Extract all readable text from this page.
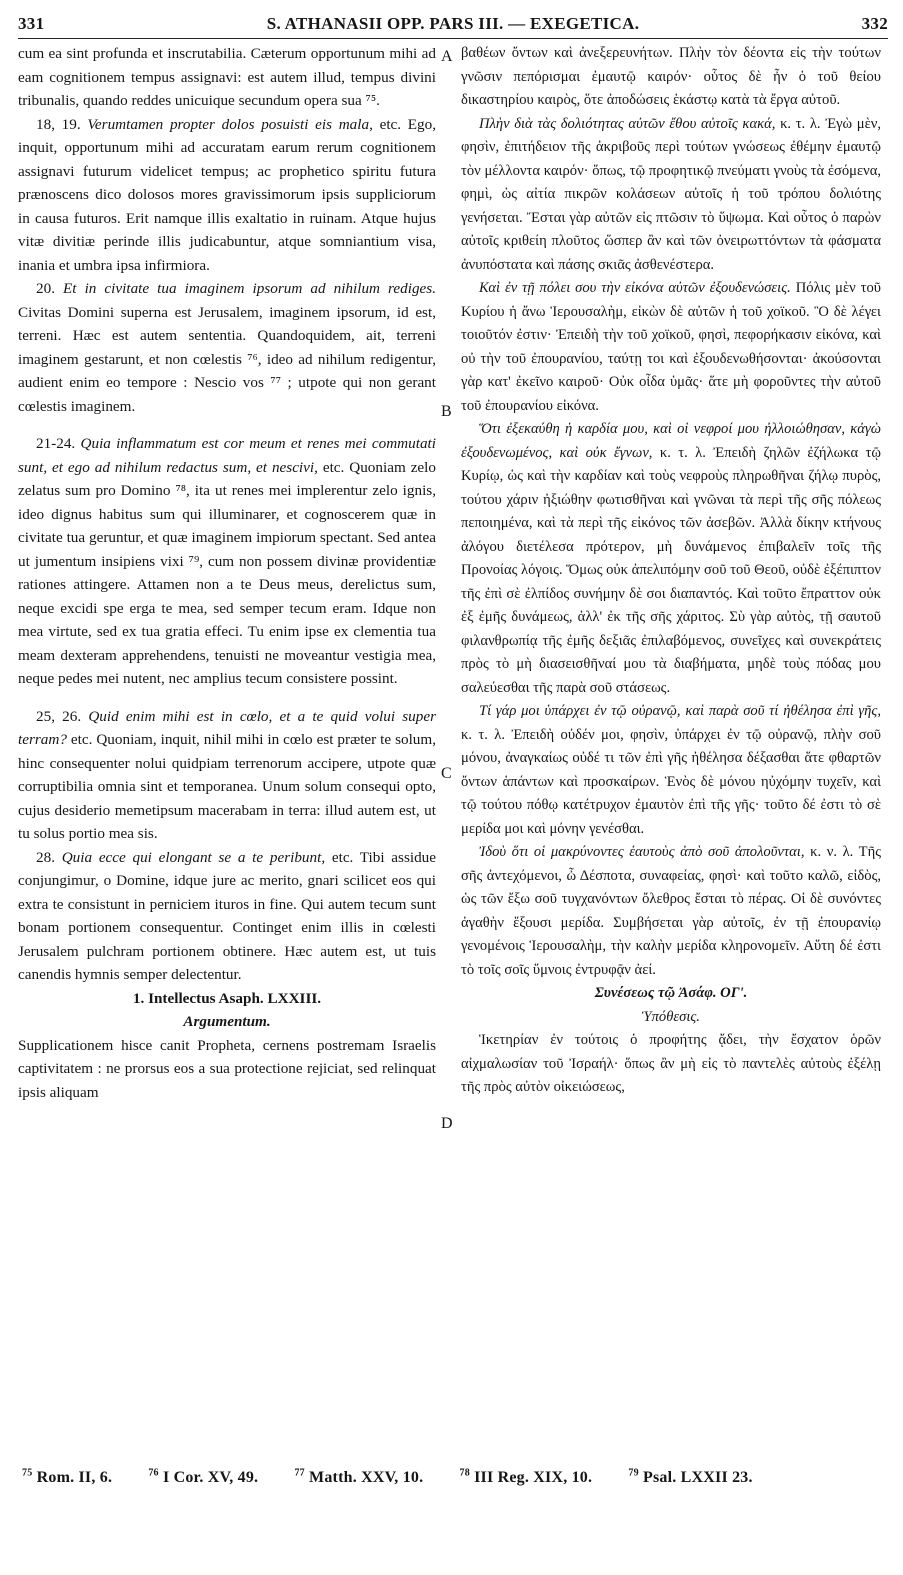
331	S. ATHANASII OPP. PARS III. — EXEGETICA.	332

cum ea sint profunda et inscrutabilia. Cæterum opportunum mihi ad eam cognitionem tempus assignavi: est autem illud, tempus divini tribunalis, quando reddes unicuique secundum opera sua ⁷⁵.

18, 19. Verumtamen propter dolos posuisti eis mala, etc. Ego, inquit, opportunum mihi ad accuratam earum rerum cognitionem assignavi futurum videlicet tempus; ac prophetico spiritu futura prænoscens dico dolosos mores gravissimorum ipsis suppliciorum in causa futuros. Erit namque illis exaltatio in ruinam. Atque hujus vitæ divitiæ perinde illis judicabuntur, atque somniantium visa, inania et umbra ipsa infirmiora.

20. Et in civitate tua imaginem ipsorum ad nihilum rediges. Civitas Domini superna est Jerusalem, imaginem ipsorum, id est, terreni. Hæc est autem sententia. Quandoquidem, ait, terreni imaginem gestarunt, et non cœlestis ⁷⁶, ideo ad nihilum redigentur, audient enim eo tempore : Nescio vos ⁷⁷ ; utpote qui non gerant cœlestis imaginem.

21-24. Quia inflammatum est cor meum et renes mei commutati sunt, et ego ad nihilum redactus sum, et nescivi, etc. Quoniam zelo zelatus sum pro Domino ⁷⁸, ita ut renes mei implerentur zelo ignis, ideo dignus habitus sum qui illuminarer, et cognoscerem quæ in civitate tua geruntur, et quæ imaginem impiorum spectant. Sed antea ut jumentum insipiens vixi ⁷⁹, cum non possem divinæ providentiæ rationes attingere. Attamen non a te Deus meus, derelictus sum, neque excidi spe erga te mea, sed semper tecum eram. Idque non mea virtute, sed ex tua gratia effeci. Tu enim ipse ex clementia tua meam dexteram apprehendens, tenuisti ne moveantur vestigia mea, neque pedes mei nutent, nec amplius tecum consistere possint.

25, 26. Quid enim mihi est in cœlo, et a te quid volui super terram? etc. Quoniam, inquit, nihil mihi in cœlo est præter te solum, hinc consequenter nolui quidpiam terrenorum accipere, utpote quæ corruptibilia omnia sint et temporanea. Unum solum consequi opto, cujus desiderio memetipsum macerabam in terra: illud autem est, ut tu solus portio mea sis.

28. Quia ecce qui elongant se a te peribunt, etc. Tibi assidue conjungimur, o Domine, idque jure ac merito, gnari scilicet eos qui extra te consistunt in perniciem ituros in fine. Qui autem tecum sunt bonam portionem consequentur. Continget enim illis in cœlesti Jerusalem pulchram portionem obtinere. Hæc autem est, ut tuis canendis hymnis semper delectentur.

1. Intellectus Asaph. LXXIII.

Argumentum.

Supplicationem hisce canit Propheta, cernens postremam Israelis captivitatem : ne prorsus eos a sua protectione rejiciat, sed relinquat ipsis aliquam

A
B
C
D

βαθέων ὄντων καὶ ἀνεξερευνήτων. Πλὴν τὸν δέοντα εἰς τὴν τούτων γνῶσιν πεπόρισμαι ἐμαυτῷ καιρόν· οὗτος δὲ ἦν ὁ τοῦ θείου δικαστηρίου καιρὸς, ὅτε ἀποδώσεις ἑκάστῳ κατὰ τὰ ἔργα αὐτοῦ.

Πλὴν διὰ τὰς δολιότητας αὐτῶν ἔθου αὐτοῖς κακά, κ. τ. λ. Ἐγὼ μὲν, φησὶν, ἐπιτήδειον τῆς ἀκριβοῦς περὶ τούτων γνώσεως ἐθέμην ἐμαυτῷ τὸν μέλλοντα καιρόν· ὅπως, τῷ προφητικῷ πνεύματι γνοὺς τὰ ἐσόμενα, φημὶ, ὡς αἰτία πικρῶν κολάσεων αὐτοῖς ἡ τοῦ τρόπου δολιότης γενήσεται. Ἔσται γὰρ αὐτῶν εἰς πτῶσιν τὸ ὕψωμα. Καὶ οὗτος ὁ παρὼν αὐτοῖς κριθείη πλοῦτος ὥσπερ ἂν καὶ τῶν ὀνειρωττόντων τὰ φάσματα ἀνυπόστατα καὶ πάσης σκιᾶς ἀσθενέστερα.

Καὶ ἐν τῇ πόλει σου τὴν εἰκόνα αὐτῶν ἐξουδενώσεις. Πόλις μὲν τοῦ Κυρίου ἡ ἄνω Ἱερουσαλὴμ, εἰκὼν δὲ αὐτῶν ἡ τοῦ χοϊκοῦ. Ὃ δὲ λέγει τοιοῦτόν ἐστιν· Ἐπειδὴ τὴν τοῦ χοϊκοῦ, φησὶ, πεφορήκασιν εἰκόνα, καὶ οὐ τὴν τοῦ ἐπουρανίου, ταύτῃ τοι καὶ ἐξουδενωθήσονται· ἀκούσονται γὰρ κατ' ἐκεῖνο καιροῦ· Οὐκ οἶδα ὑμᾶς· ἅτε μὴ φοροῦντες τὴν αὐτοῦ τοῦ ἐπουρανίου εἰκόνα.

Ὅτι ἐξεκαύθη ἡ καρδία μου, καὶ οἱ νεφροί μου ἠλλοιώθησαν, κἀγὼ ἐξουδενωμένος, καὶ οὐκ ἔγνων, κ. τ. λ. Ἐπειδὴ ζηλῶν ἐζήλωκα τῷ Κυρίῳ, ὡς καὶ τὴν καρδίαν καὶ τοὺς νεφροὺς πληρωθῆναι ζήλῳ πυρὸς, τούτου χάριν ἠξιώθην φωτισθῆναι καὶ γνῶναι τὰ περὶ τῆς σῆς πόλεως πεποιημένα, καὶ τὰ περὶ τῆς εἰκόνος τῶν ἀσεβῶν. Ἀλλὰ δίκην κτήνους ἀλόγου διετέλεσα πρότερον, μὴ δυνάμενος ἐπιβαλεῖν τοῖς τῆς Προνοίας λόγοις. Ὅμως οὐκ ἀπελιπόμην σοῦ τοῦ Θεοῦ, οὐδὲ ἐξέπιπτον τῆς ἐπὶ σὲ ἐλπίδος συνήμην δὲ σοι διαπαντός. Καὶ τοῦτο ἔπραττον οὐκ ἐξ ἐμῆς δυνάμεως, ἀλλ' ἐκ τῆς σῆς χάριτος. Σὺ γὰρ αὐτὸς, τῇ σαυτοῦ φιλανθρωπίᾳ τῆς ἐμῆς δεξιᾶς ἐπιλαβόμενος, συνεῖχες καὶ συνεκράτεις πρὸς τὸ μὴ διασεισθῆναί μου τὰ διαβήματα, μηδὲ τοὺς πόδας μου σαλεύεσθαι τῆς παρὰ σοῦ στάσεως.

Τί γάρ μοι ὑπάρχει ἐν τῷ οὐρανῷ, καὶ παρὰ σοῦ τί ἠθέλησα ἐπὶ γῆς, κ. τ. λ. Ἐπειδὴ οὐδέν μοι, φησὶν, ὑπάρχει ἐν τῷ οὐρανῷ, πλὴν σοῦ μόνου, ἀναγκαίως οὐδέ τι τῶν ἐπὶ γῆς ἠθέλησα δέξασθαι ἅτε φθαρτῶν ὄντων ἁπάντων καὶ προσκαίρων. Ἑνὸς δὲ μόνου ηὐχόμην τυχεῖν, καὶ τῷ τούτου πόθῳ κατέτρυχον ἐμαυτὸν ἐπὶ τῆς γῆς· τοῦτο δέ ἐστι τὸ σὲ μερίδα μοι καὶ μόνην γενέσθαι.

Ἰδοὺ ὅτι οἱ μακρύνοντες ἑαυτοὺς ἀπὸ σοῦ ἀπολοῦνται, κ. ν. λ. Τῆς σῆς ἀντεχόμενοι, ὦ Δέσποτα, συναφείας, φησὶ· καὶ τοῦτο καλῶ, εἰδὸς, ὡς τῶν ἔξω σοῦ τυγχανόντων ὄλεθρος ἔσται τὸ πέρας. Οἱ δὲ συνόντες ἀγαθὴν ἕξουσι μερίδα. Συμβήσεται γὰρ αὐτοῖς, ἐν τῇ ἐπουρανίῳ γενομένοις Ἱερουσαλὴμ, τὴν καλὴν μερίδα κληρονομεῖν. Αὕτη δέ ἐστι τὸ τοῖς σοῖς ὕμνοις ἐντρυφᾷν ἀεί.

Συνέσεως τῷ Ἀσάφ. ΟΓ'.

Ὑπόθεσις.

Ἱκετηρίαν ἐν τούτοις ὁ προφήτης ᾄδει, τὴν ἔσχατον ὁρῶν αἰχμαλωσίαν τοῦ Ἰσραήλ· ὅπως ἂν μὴ εἰς τὸ παντελὲς αὐτοὺς ἐξέλῃ τῆς πρὸς αὐτὸν οἰκειώσεως,

$^{75}$ Rom. II, 6.	$^{76}$ I Cor. XV, 49.	$^{77}$ Matth. XXV, 10.	$^{78}$ III Reg. XIX, 10.	$^{79}$ Psal. LXXII 23.
